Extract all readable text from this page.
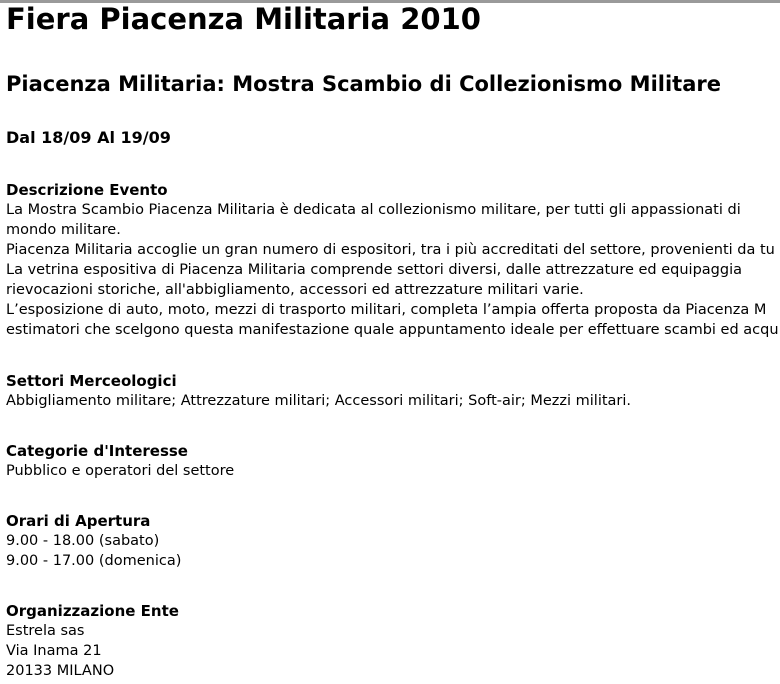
Fiera Piacenza Militaria 2010
Piacenza Militaria: Mostra Scambio di Collezionismo Militare
Dal 18/09 Al 19/09
Descrizione Evento

La Mostra Scambio Piacenza Militaria è dedicata al collezionismo militare, per tutti gli appassionati di

mondo militare.

Piacenza Militaria accoglie un gran numero di espositori, tra i più accreditati del settore, provenienti da tu

La vetrina espositiva di Piacenza Militaria comprende settori diversi, dalle attrezzature ed equipaggia

rievocazioni storiche, all'abbigliamento, accessori ed attrezzature militari varie.

L’esposizione di auto, moto, mezzi di trasporto militari, completa l’ampia offerta proposta da Piacenza M

estimatori che scelgono questa manifestazione quale appuntamento ideale per effettuare scambi ed acqu

Settori Merceologici
Abbigliamento militare; Attrezzature militari; Accessori militari; Soft-air; Mezzi militari.
Categorie d'Interesse
Pubblico e operatori del settore
Orari di Apertura
9.00 - 18.00 (sabato)
9.00 - 17.00 (domenica)
Organizzazione Ente
Estrela sas
Via Inama 21
20133 MILANO
